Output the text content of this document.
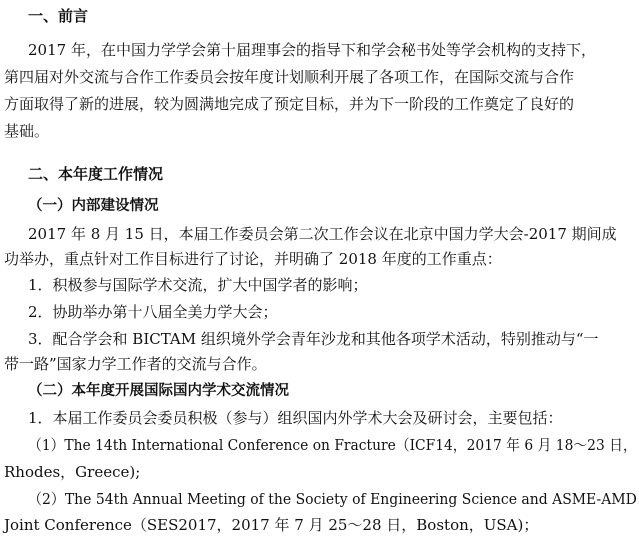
一、前言
2017 年，在中国力学学会第十届理事会的指导下和学会秘书处等学会机构的支持下，
第四届对外交流与合作工作委员会按年度计划顺利开展了各项工作，在国际交流与合作
方面取得了新的进展，较为圆满地完成了预定目标，并为下一阶段的工作奠定了良好的
基础。
二、本年度工作情况
（一）内部建设情况
2017 年 8 月 15 日，本届工作委员会第二次工作会议在北京中国力学大会-2017 期间成
功举办，重点针对工作目标进行了讨论，并明确了 2018 年度的工作重点：
1．积极参与国际学术交流，扩大中国学者的影响；
2．协助举办第十八届全美力学大会；
3．配合学会和 BICTAM 组织境外学会青年沙龙和其他各项学术活动，特别推动与“一
带一路”国家力学工作者的交流与合作。
（二）本年度开展国际国内学术交流情况
1．本届工作委员会委员积极（参与）组织国内外学术大会及研讨会，主要包括：
（1）The 14th International Conference on Fracture（ICF14，2017 年 6 月 18～23 日，
Rhodes，Greece);
（2）The 54th Annual Meeting of the Society of Engineering Science and ASME-AMD
Joint Conference（SES2017，2017 年 7 月 25～28 日，Boston，USA)；
